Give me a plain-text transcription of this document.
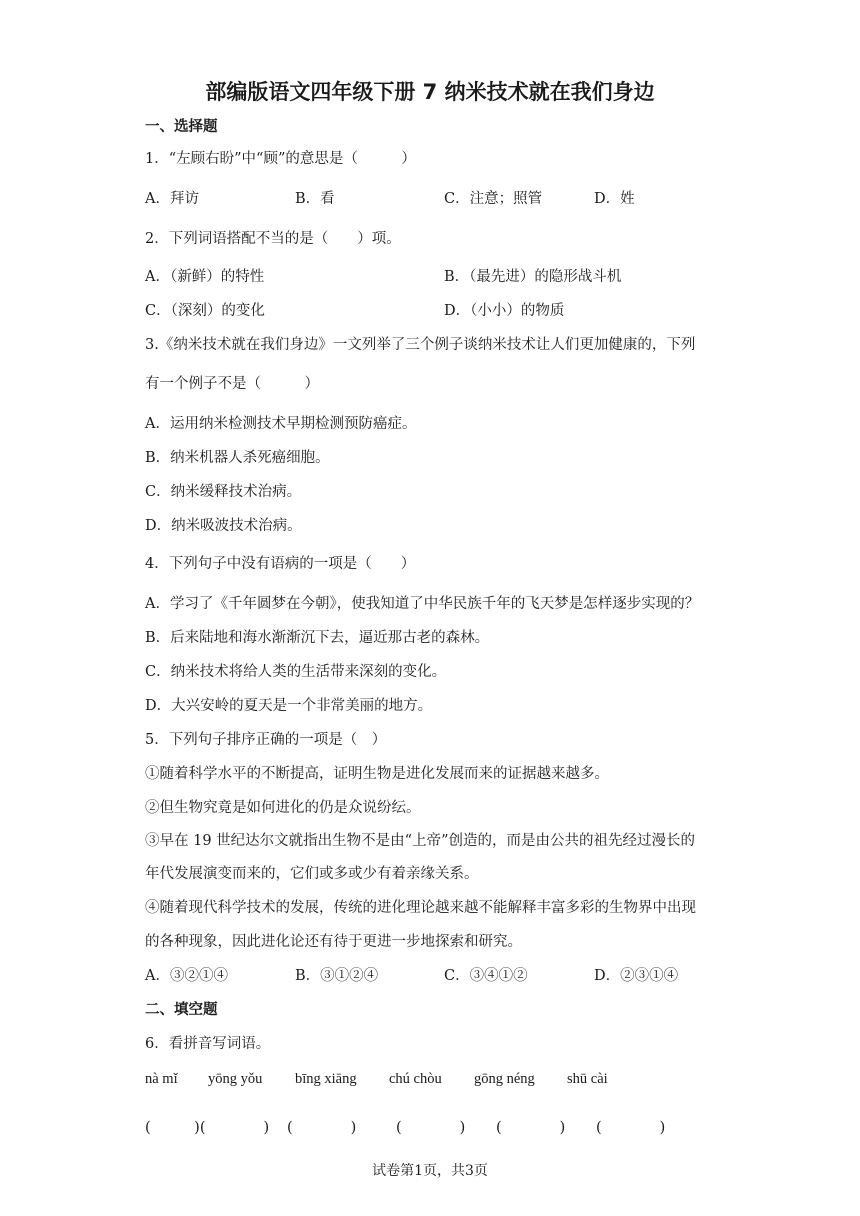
部编版语文四年级下册 7 纳米技术就在我们身边
一、选择题
1．“左顾右盼”中“顾”的意思是（　　　）
A．拜访	B．看	C．注意；照管	D．姓
2．下列词语搭配不当的是（　　）项。
A．（新鲜）的特性	B．（最先进）的隐形战斗机
C．（深刻）的变化	D．（小小）的物质
3.《纳米技术就在我们身边》一文列举了三个例子谈纳米技术让人们更加健康的，下列
有一个例子不是（　　　）
A．运用纳米检测技术早期检测预防癌症。
B．纳米机器人杀死癌细胞。
C．纳米缓释技术治病。
D．纳米吸波技术治病。
4．下列句子中没有语病的一项是（　　）
A．学习了《千年圆梦在今朝》，使我知道了中华民族千年的飞天梦是怎样逐步实现的？
B．后来陆地和海水渐渐沉下去，逼近那古老的森林。
C．纳米技术将给人类的生活带来深刻的变化。
D．大兴安岭的夏天是一个非常美丽的地方。
5．下列句子排序正确的一项是（　）
①随着科学水平的不断提高，证明生物是进化发展而来的证据越来越多。
②但生物究竟是如何进化的仍是众说纷纭。
③早在 19 世纪达尔文就指出生物不是由“上帝”创造的，而是由公共的祖先经过漫长的
年代发展演变而来的，它们或多或少有着亲缘关系。
④随着现代科学技术的发展，传统的进化理论越来越不能解释丰富多彩的生物界中出现
的各种现象，因此进化论还有待于更进一步地探索和研究。
A．③②①④	B．③①②④	C．③④①②	D．②③①④
二、填空题
6．看拼音写词语。
nà mǐ yōng yǒu bīng xiāng chú chòu gōng néng shū cài
(　　　)(　　　　) (　　　　)	(　　　　) (　　　　) (　　　　)
试卷第1页，共3页
